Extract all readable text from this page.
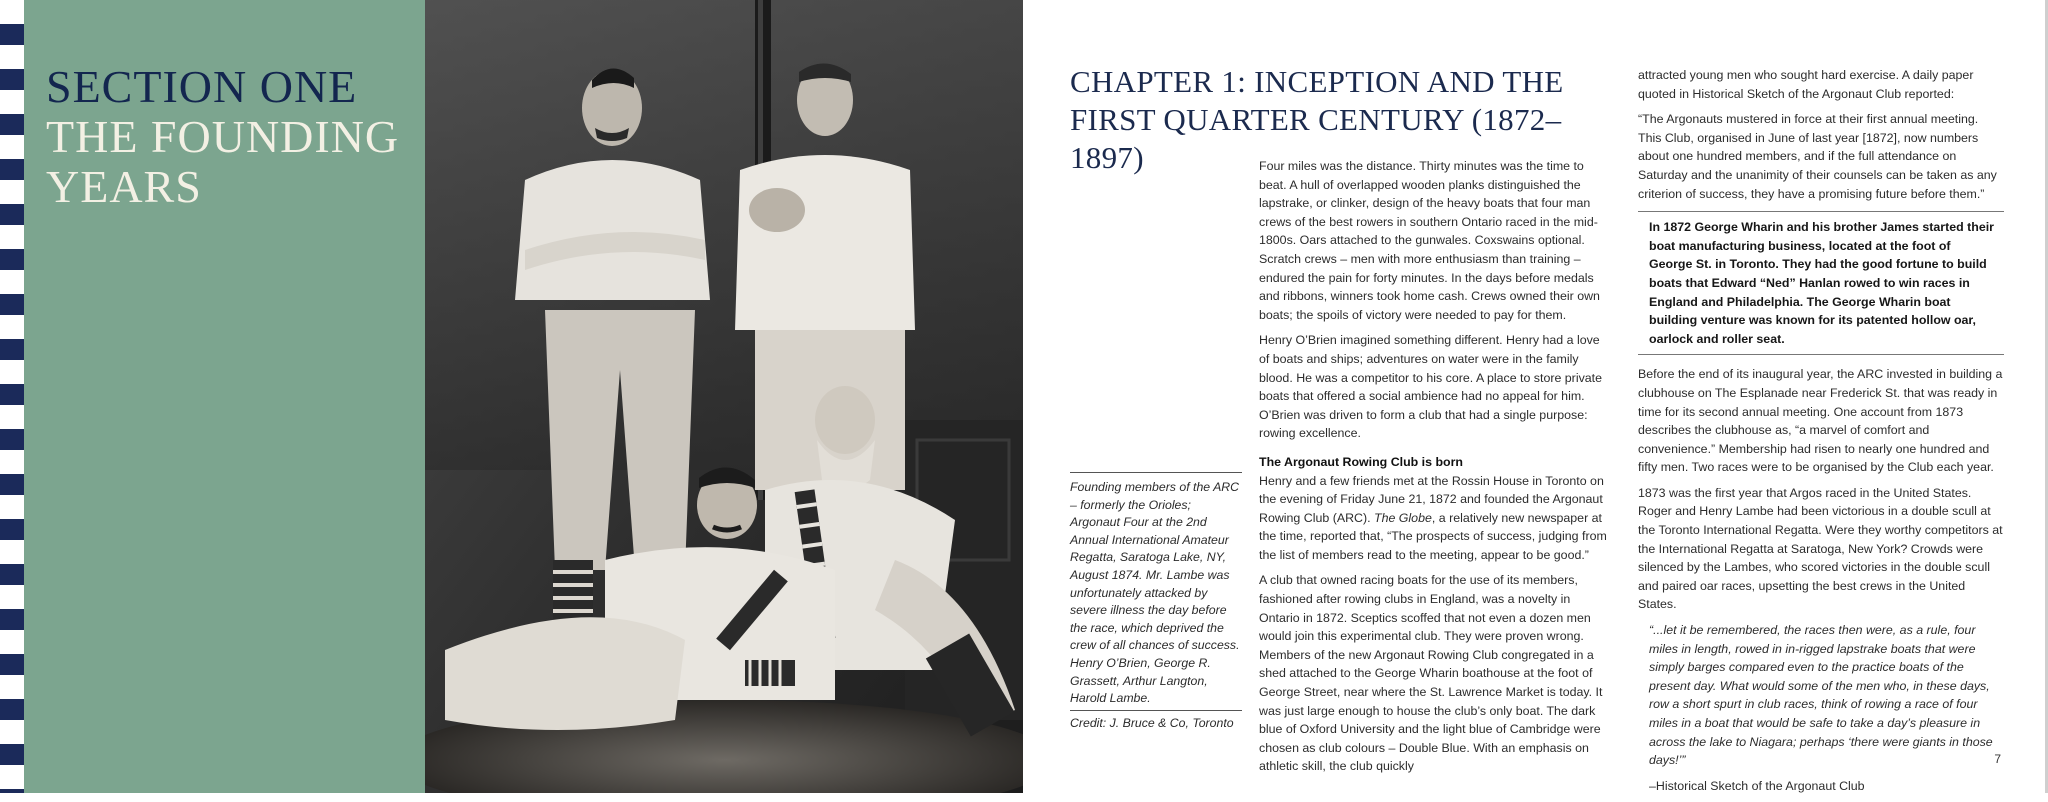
SECTION ONE
THE FOUNDING
YEARS
CHAPTER 1: INCEPTION AND THE
FIRST QUARTER CENTURY (1872–1897)
Founding members of the ARC – formerly the Orioles; Argonaut Four at the 2nd Annual International Amateur Regatta, Saratoga Lake, NY, August 1874. Mr. Lambe was unfortunately attacked by severe illness the day before the race, which deprived the crew of all chances of success. Henry O’Brien, George R. Grassett, Arthur Langton, Harold Lambe.
Credit: J. Bruce & Co, Toronto

Four miles was the distance. Thirty minutes was the time to beat. A hull of overlapped wooden planks distinguished the lapstrake, or clinker, design of the heavy boats that four man crews of the best rowers in southern Ontario raced in the mid-1800s. Oars attached to the gunwales. Coxswains optional. Scratch crews – men with more enthusiasm than training – endured the pain for forty minutes. In the days before medals and ribbons, winners took home cash. Crews owned their own boats; the spoils of victory were needed to pay for them.

Henry O’Brien imagined something different. Henry had a love of boats and ships; adventures on water were in the family blood. He was a competitor to his core. A place to store private boats that offered a social ambience had no appeal for him. O’Brien was driven to form a club that had a single purpose: rowing excellence.

The Argonaut Rowing Club is born

Henry and a few friends met at the Rossin House in Toronto on the evening of Friday June 21, 1872 and founded the Argonaut Rowing Club (ARC). The Globe, a relatively new newspaper at the time, reported that, “The prospects of success, judging from the list of members read to the meeting, appear to be good.”

A club that owned racing boats for the use of its members, fashioned after rowing clubs in England, was a novelty in Ontario in 1872. Sceptics scoffed that not even a dozen men would join this experimental club. They were proven wrong. Members of the new Argonaut Rowing Club congregated in a shed attached to the George Wharin boathouse at the foot of George Street, near where the St. Lawrence Market is today. It was just large enough to house the club’s only boat. The dark blue of Oxford University and the light blue of Cambridge were chosen as club colours – Double Blue. With an emphasis on athletic skill, the club quickly

attracted young men who sought hard exercise. A daily paper quoted in Historical Sketch of the Argonaut Club reported:

“The Argonauts mustered in force at their first annual meeting. This Club, organised in June of last year [1872], now numbers about one hundred members, and if the full attendance on Saturday and the unanimity of their counsels can be taken as any criterion of success, they have a promising future before them.”

In 1872 George Wharin and his brother James started their boat manufacturing business, located at the foot of George St. in Toronto. They had the good fortune to build boats that Edward “Ned” Hanlan rowed to win races in England and Philadelphia. The George Wharin boat building venture was known for its patented hollow oar, oarlock and roller seat.

Before the end of its inaugural year, the ARC invested in building a clubhouse on The Esplanade near Frederick St. that was ready in time for its second annual meeting. One account from 1873 describes the clubhouse as, “a marvel of comfort and convenience.” Membership had risen to nearly one hundred and fifty men. Two races were to be organised by the Club each year.

1873 was the first year that Argos raced in the United States. Roger and Henry Lambe had been victorious in a double scull at the Toronto International Regatta. Were they worthy competitors at the International Regatta at Saratoga, New York? Crowds were silenced by the Lambes, who scored victories in the double scull and paired oar races, upsetting the best crews in the United States.

“...let it be remembered, the races then were, as a rule, four miles in length, rowed in in-rigged lapstrake boats that were simply barges compared even to the practice boats of the present day. What would some of the men who, in these days, row a short spurt in club races, think of rowing a race of four miles in a boat that would be safe to take a day’s pleasure in across the lake to Niagara; perhaps ‘there were giants in those days!’”

–Historical Sketch of the Argonaut Club

7
